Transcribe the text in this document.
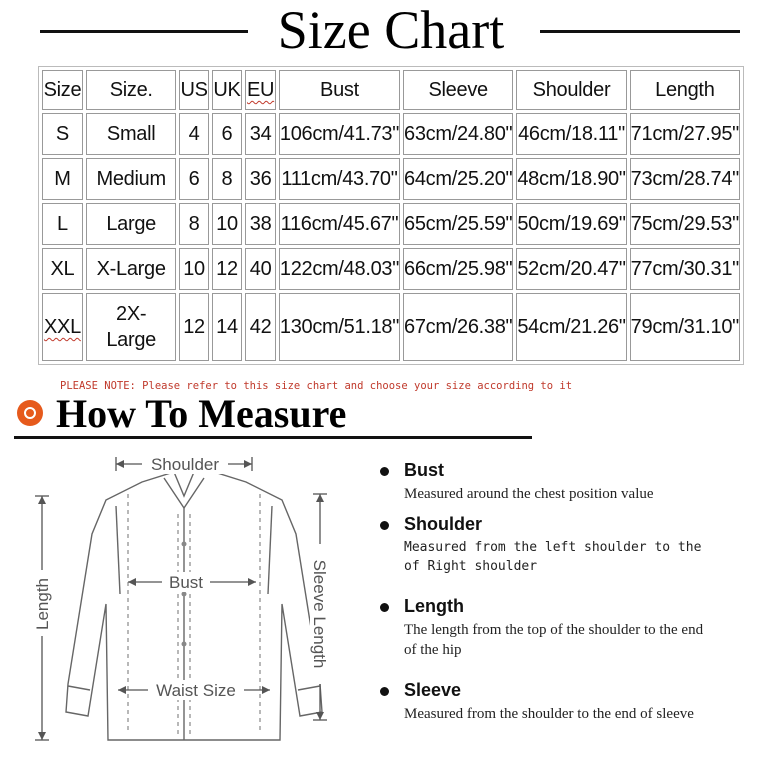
Size Chart
Size	Size.	US	UK	EU	Bust	Sleeve	Shoulder	Length
S	Small	4	6	34	106cm/41.73"	63cm/24.80"	46cm/18.11"	71cm/27.95"
M	Medium	6	8	36	111cm/43.70"	64cm/25.20"	48cm/18.90"	73cm/28.74"
L	Large	8	10	38	116cm/45.67"	65cm/25.59"	50cm/19.69"	75cm/29.53"
XL	X-Large	10	12	40	122cm/48.03"	66cm/25.98"	52cm/20.47"	77cm/30.31"
XXL	2X-Large	12	14	42	130cm/51.18"	67cm/26.38"	54cm/21.26"	79cm/31.10"
PLEASE NOTE: Please refer to this size chart and choose your size according to it
How To Measure
Shoulder
Bust
Waist Size
Length	Sleeve Length
Bust
Measured around the chest position value
Shoulder
Measured from the left shoulder to the of Right shoulder
Length
The length from the top of the shoulder to the end of the hip
Sleeve
Measured from the shoulder to the end of sleeve
